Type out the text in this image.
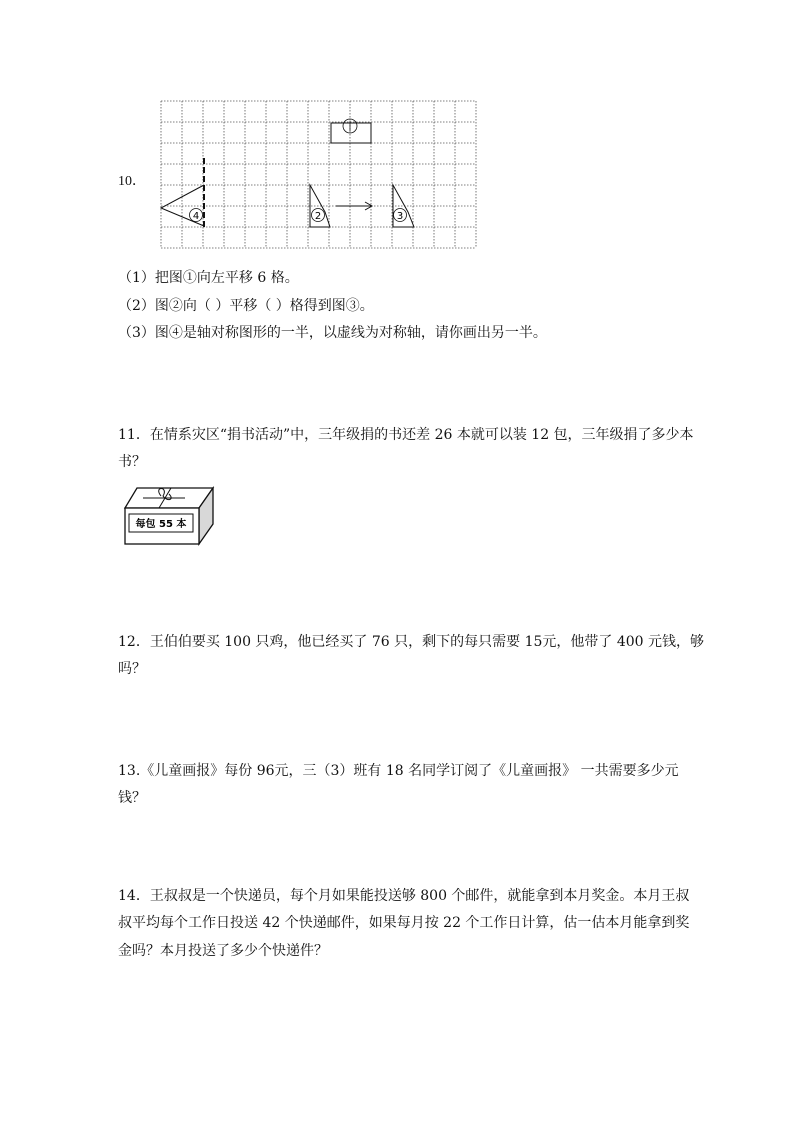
10．
4	2	3
（1）把图①向左平移 6 格。
（2）图②向（ ）平移（ ）格得到图③。
（3）图④是轴对称图形的一半，以虚线为对称轴，请你画出另一半。
11．在情系灾区“捐书活动”中，三年级捐的书还差 26 本就可以装 12 包，三年级捐了多少本
书？
每包 55 本
12．王伯伯要买 100 只鸡，他已经买了 76 只，剩下的每只需要 15元，他带了 400 元钱，够
吗？
13.《儿童画报》每份 96元，三（3）班有 18 名同学订阅了《儿童画报》 一共需要多少元
钱？
14．王叔叔是一个快递员，每个月如果能投送够 800 个邮件，就能拿到本月奖金。本月王叔
叔平均每个工作日投送 42 个快递邮件，如果每月按 22 个工作日计算，估一估本月能拿到奖
金吗？本月投送了多少个快递件？
